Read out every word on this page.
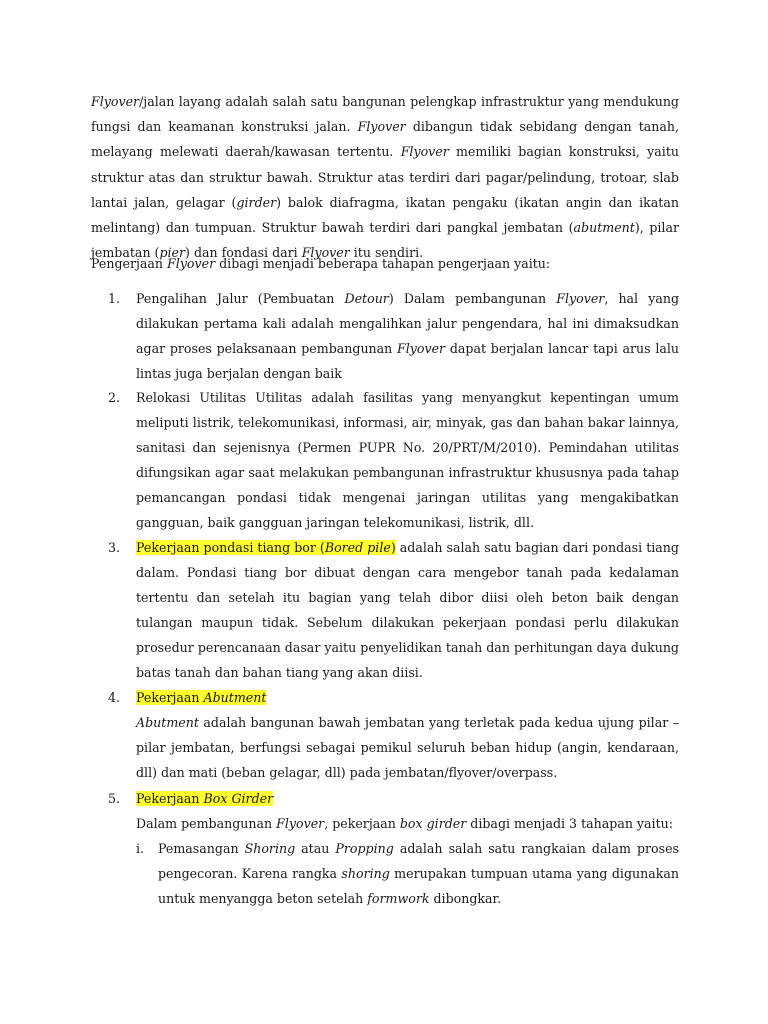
Flyover/jalan layang adalah salah satu bangunan pelengkap infrastruktur yang mendukung fungsi dan keamanan konstruksi jalan. Flyover dibangun tidak sebidang dengan tanah, melayang melewati daerah/kawasan tertentu. Flyover memiliki bagian konstruksi, yaitu struktur atas dan struktur bawah. Struktur atas terdiri dari pagar/pelindung, trotoar, slab lantai jalan, gelagar (girder) balok diafragma, ikatan pengaku (ikatan angin dan ikatan melintang) dan tumpuan. Struktur bawah terdiri dari pangkal jembatan (abutment), pilar jembatan (pier) dan fondasi dari Flyover itu sendiri.

Pengerjaan Flyover dibagi menjadi beberapa tahapan pengerjaan yaitu:

1.	Pengalihan Jalur (Pembuatan Detour) Dalam pembangunan Flyover, hal yang dilakukan pertama kali adalah mengalihkan jalur pengendara, hal ini dimaksudkan agar proses pelaksanaan pembangunan Flyover dapat berjalan lancar tapi arus lalu lintas juga berjalan dengan baik

2.	Relokasi Utilitas Utilitas adalah fasilitas yang menyangkut kepentingan umum meliputi listrik, telekomunikasi, informasi, air, minyak, gas dan bahan bakar lainnya, sanitasi dan sejenisnya (Permen PUPR No. 20/PRT/M/2010). Pemindahan utilitas difungsikan agar saat melakukan pembangunan infrastruktur khususnya pada tahap pemancangan pondasi tidak mengenai jaringan utilitas yang mengakibatkan gangguan, baik gangguan jaringan telekomunikasi, listrik, dll.

3.	Pekerjaan pondasi tiang bor (Bored pile) adalah salah satu bagian dari pondasi tiang dalam. Pondasi tiang bor dibuat dengan cara mengebor tanah pada kedalaman tertentu dan setelah itu bagian yang telah dibor diisi oleh beton baik dengan tulangan maupun tidak. Sebelum dilakukan pekerjaan pondasi perlu dilakukan prosedur perencanaan dasar yaitu penyelidikan tanah dan perhitungan daya dukung batas tanah dan bahan tiang yang akan diisi.

4.	Pekerjaan Abutment

Abutment adalah bangunan bawah jembatan yang terletak pada kedua ujung pilar – pilar jembatan, berfungsi sebagai pemikul seluruh beban hidup (angin, kendaraan, dll) dan mati (beban gelagar, dll) pada jembatan/flyover/overpass.

5.	Pekerjaan Box Girder

Dalam pembangunan Flyover, pekerjaan box girder dibagi menjadi 3 tahapan yaitu:

i.	Pemasangan Shoring atau Propping adalah salah satu rangkaian dalam proses pengecoran. Karena rangka shoring merupakan tumpuan utama yang digunakan untuk menyangga beton setelah formwork dibongkar.
